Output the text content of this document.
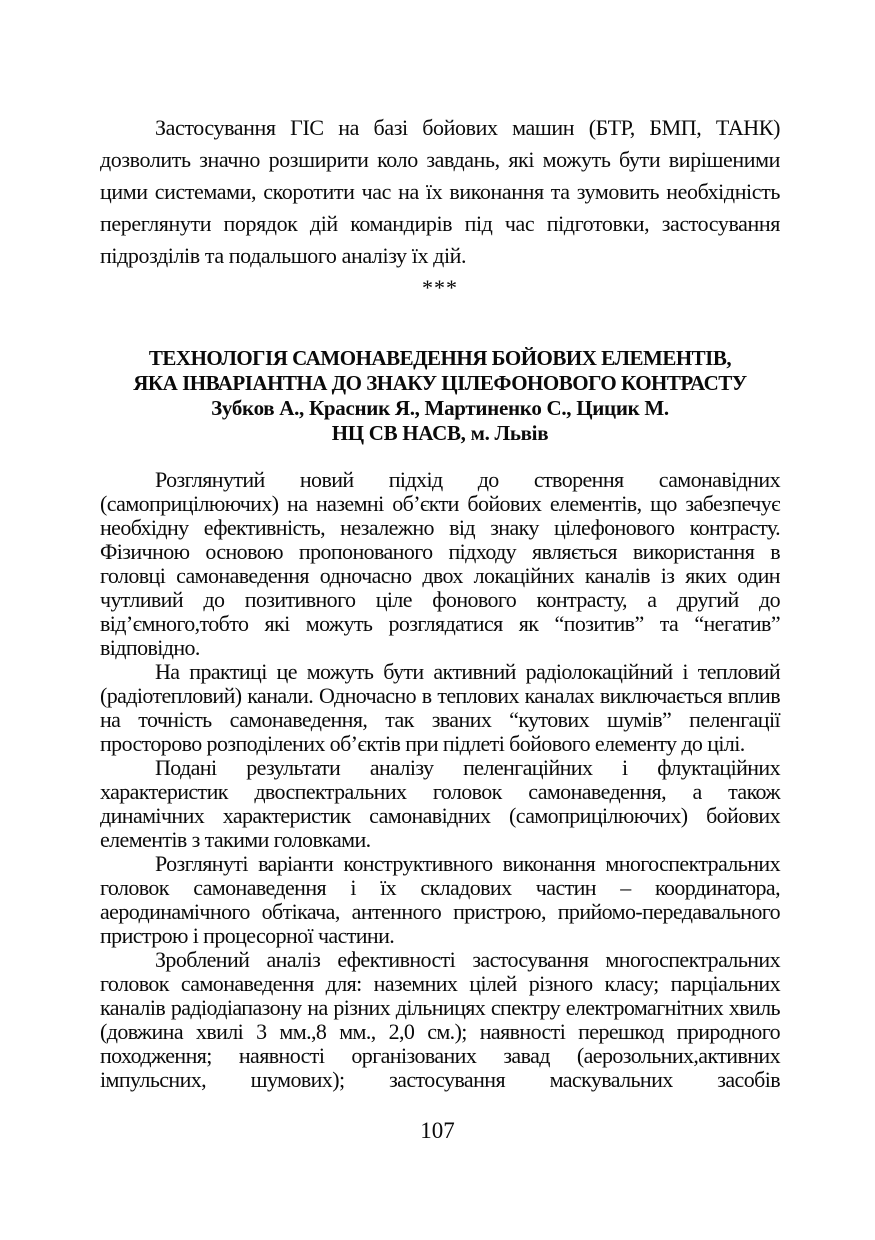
Застосування ГІС на базі бойових машин (БТР, БМП, ТАНК) дозволить значно розширити коло завдань, які можуть бути вирішеними цими системами, скоротити час на їх виконання та зумовить необхідність переглянути порядок дій командирів під час підготовки, застосування підрозділів та подальшого аналізу їх дій.
***
ТЕХНОЛОГІЯ САМОНАВЕДЕННЯ БОЙОВИХ ЕЛЕМЕНТІВ,
ЯКА ІНВАРІАНТНА ДО ЗНАКУ ЦІЛЕФОНОВОГО КОНТРАСТУ
Зубков А., Красник Я., Мартиненко С., Цицик М.
НЦ СВ НАСВ, м. Львів
Розглянутий новий підхід до створення самонавідних (самоприцілюючих) на наземні об’єкти бойових елементів, що забезпечує необхідну ефективність, незалежно від знаку цілефонового контрасту. Фізичною основою пропонованого підходу являється використання в головці самонаведення одночасно двох локаційних каналів із яких один чутливий до позитивного ціле фонового контрасту, а другий до від’ємного,тобто які можуть розглядатися як “позитив” та “негатив” відповідно.
На практиці це можуть бути активний радіолокаційний і тепловий (радіотепловий) канали. Одночасно в теплових каналах виключається вплив на точність самонаведення, так званих “кутових шумів” пеленгації просторово розподілених об’єктів при підлеті бойового елементу до цілі.
Подані результати аналізу пеленгаційних і флуктаційних характеристик двоспектральних головок самонаведення, а також динамічних характеристик самонавідних (самоприцілюючих) бойових елементів з такими головками.
Розглянуті варіанти конструктивного виконання многоспектральних головок самонаведення і їх складових частин – координатора, аеродинамічного обтікача, антенного пристрою, прийомо-передавального пристрою і процесорної частини.
Зроблений аналіз ефективності застосування многоспектральних головок самонаведення для: наземних цілей різного класу; парціальних каналів радіодіапазону на різних дільницях спектру електромагнітних хвиль (довжина хвилі 3 мм.,8 мм., 2,0 см.); наявності перешкод природного походження; наявності організованих завад (аерозольних,активних імпульсних, шумових); застосування маскувальних засобів
107
